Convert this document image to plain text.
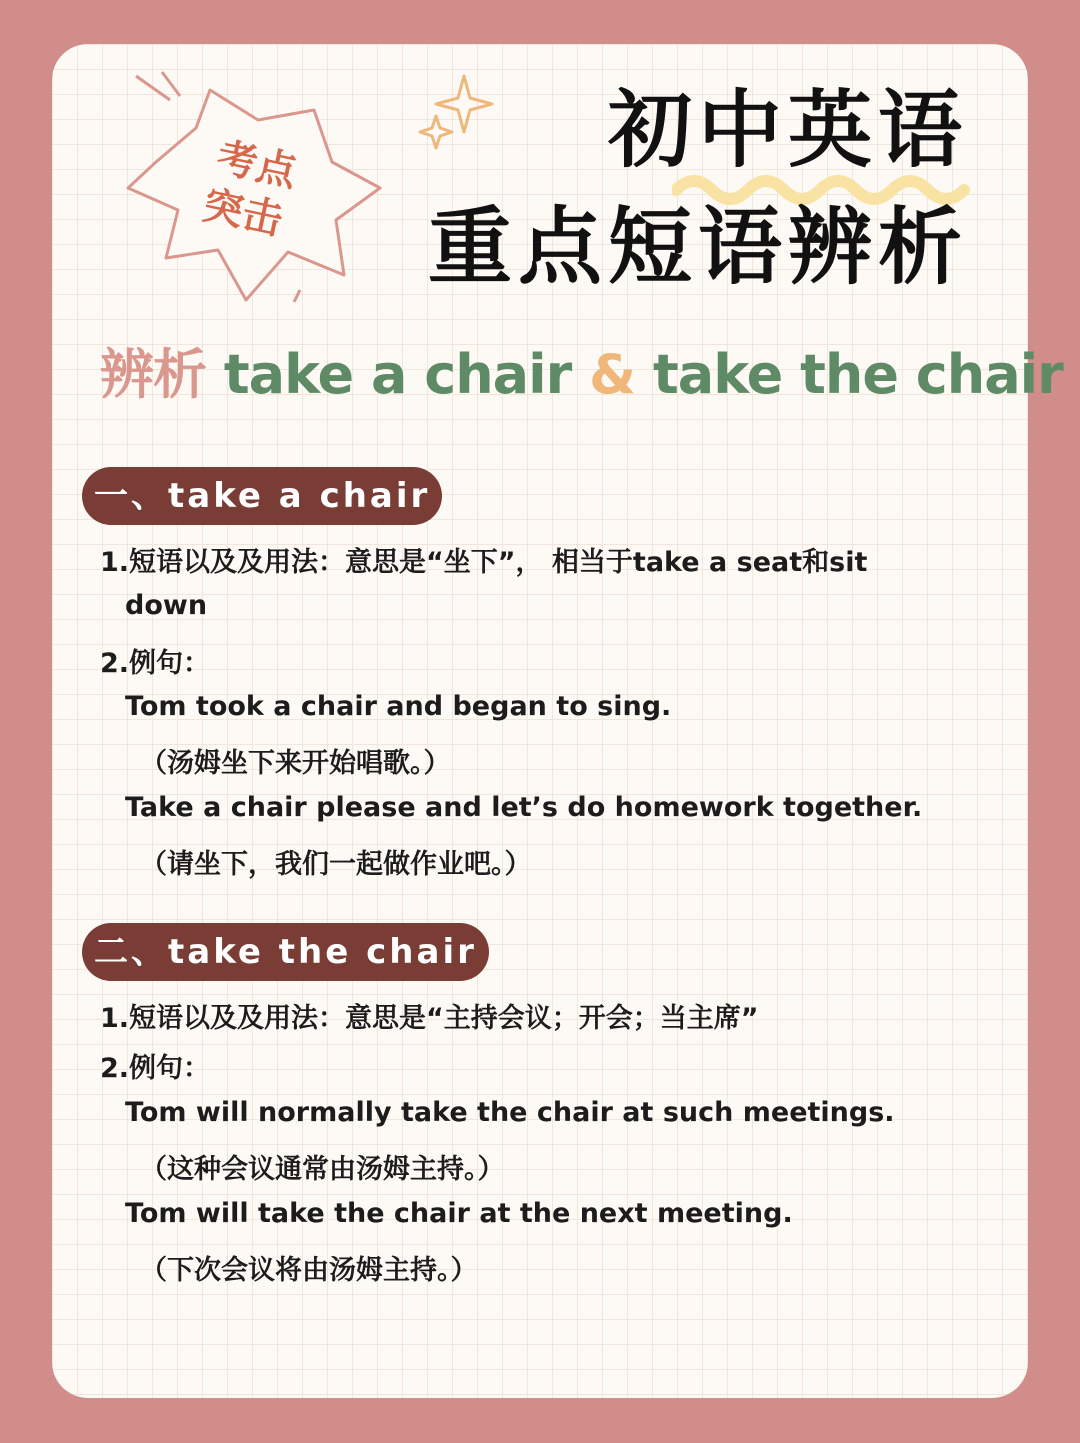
考点
突击
初中英语
重点短语辨析
辨析 take a chair & take the chair
一、take a chair
1.短语以及及用法：意思是“坐下”， 相当于take a seat和sit
down
2.例句：
Tom took a chair and began to sing.
（汤姆坐下来开始唱歌。）
Take a chair please and let’s do homework together.
（请坐下，我们一起做作业吧。）
二、take the chair
1.短语以及及用法：意思是“主持会议；开会；当主席”
2.例句：
Tom will normally take the chair at such meetings.
（这种会议通常由汤姆主持。）
Tom will take the chair at the next meeting.
（下次会议将由汤姆主持。）
